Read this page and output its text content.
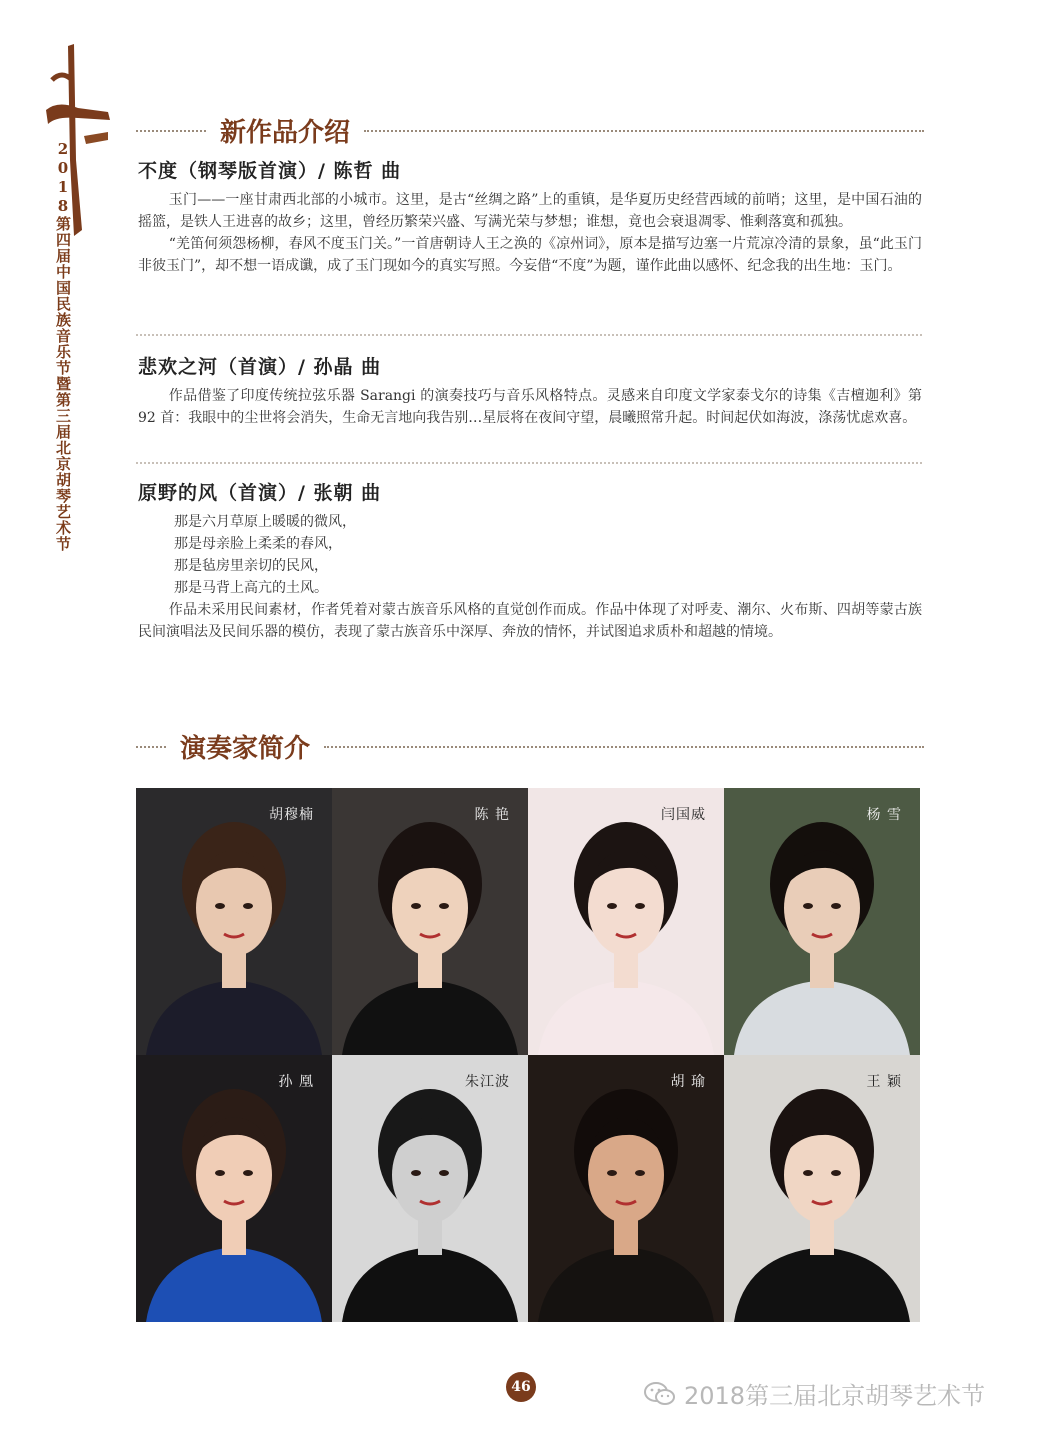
2018第四届中国民族音乐节暨第三届北京胡琴艺术节
新作品介绍
不度（钢琴版首演）/ 陈哲 曲

玉门——一座甘肃西北部的小城市。这里，是古“丝绸之路”上的重镇，是华夏历史经营西域的前哨；这里，是中国石油的摇篮，是铁人王进喜的故乡；这里，曾经历繁荣兴盛、写满光荣与梦想；谁想，竟也会衰退凋零、惟剩落寞和孤独。

“羌笛何须怨杨柳，春风不度玉门关。”一首唐朝诗人王之涣的《凉州词》，原本是描写边塞一片荒凉冷清的景象，虽“此玉门非彼玉门”，却不想一语成谶，成了玉门现如今的真实写照。今妄借“不度”为题，谨作此曲以感怀、纪念我的出生地：玉门。

悲欢之河（首演）/ 孙晶 曲

作品借鉴了印度传统拉弦乐器 Sarangi 的演奏技巧与音乐风格特点。灵感来自印度文学家泰戈尔的诗集《吉檀迦利》第 92 首：我眼中的尘世将会消失，生命无言地向我告别…星辰将在夜间守望，晨曦照常升起。时间起伏如海波，涤荡忧虑欢喜。

原野的风（首演）/ 张朝 曲
那是六月草原上暖暖的微风，
那是母亲脸上柔柔的春风，
那是毡房里亲切的民风，
那是马背上高亢的土风。

作品未采用民间素材，作者凭着对蒙古族音乐风格的直觉创作而成。作品中体现了对呼麦、潮尔、火布斯、四胡等蒙古族民间演唱法及民间乐器的模仿，表现了蒙古族音乐中深厚、奔放的情怀，并试图追求质朴和超越的情境。

演奏家简介
胡穆楠	陈 艳	闫国威	杨 雪
孙 凰	朱江波	胡 瑜	王 颖
46	2018第三届北京胡琴艺术节
